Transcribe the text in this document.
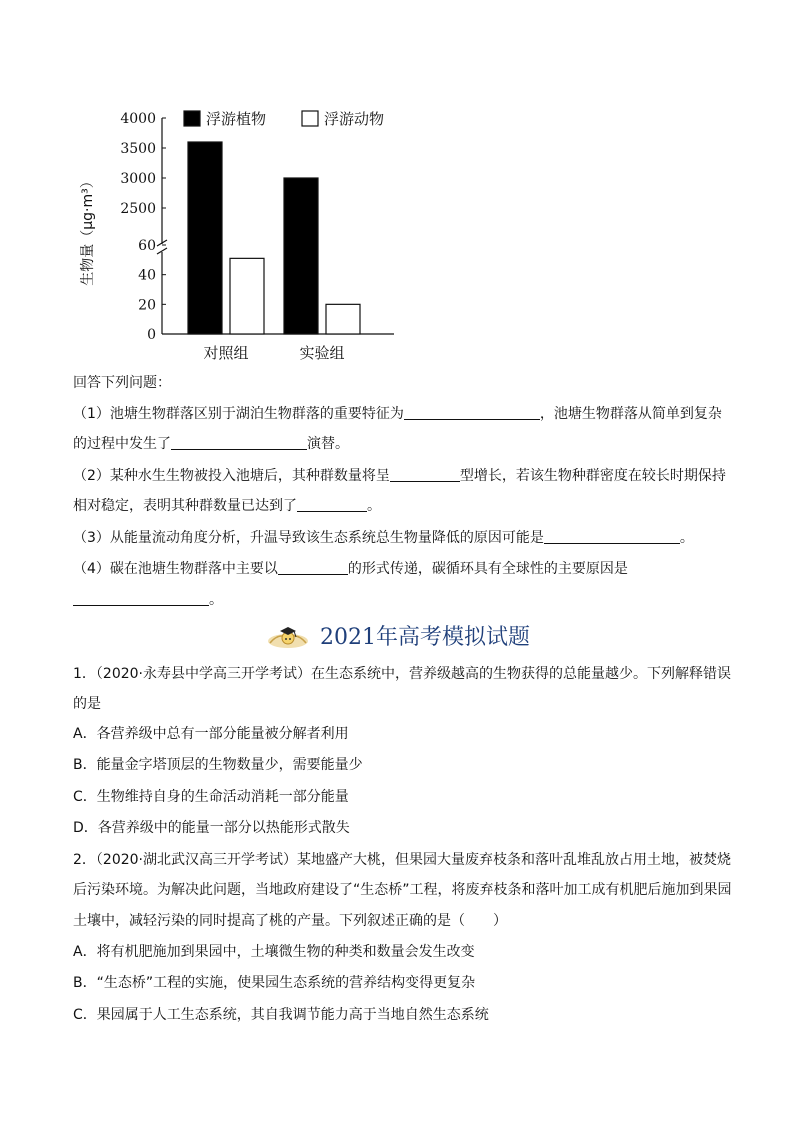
0
20
40
60
2500
3000
3500
4000
对照组	实验组
浮游植物	浮游动物
生物量（μg·m³）
回答下列问题：
（1）池塘生物群落区别于湖泊生物群落的重要特征为	，池塘生物群落从简单到复杂
的过程中发生了	演替。
（2）某种水生生物被投入池塘后，其种群数量将呈	型增长，若该生物种群密度在较长时期保持
相对稳定，表明其种群数量已达到了	。
（3）从能量流动角度分析，升温导致该生态系统总生物量降低的原因可能是	。
（4）碳在池塘生物群落中主要以	的形式传递，碳循环具有全球性的主要原因是
。
2021年高考模拟试题
1．（2020·永寿县中学高三开学考试）在生态系统中，营养级越高的生物获得的总能量越少。下列解释错误
的是
A．各营养级中总有一部分能量被分解者利用
B．能量金字塔顶层的生物数量少，需要能量少
C．生物维持自身的生命活动消耗一部分能量
D．各营养级中的能量一部分以热能形式散失
2．（2020·湖北武汉高三开学考试）某地盛产大桃，但果园大量废弃枝条和落叶乱堆乱放占用土地，被焚烧
后污染环境。为解决此问题，当地政府建设了“生态桥”工程，将废弃枝条和落叶加工成有机肥后施加到果园
土壤中，减轻污染的同时提高了桃的产量。下列叙述正确的是（　　）
A．将有机肥施加到果园中，土壤微生物的种类和数量会发生改变
B．“生态桥”工程的实施，使果园生态系统的营养结构变得更复杂
C．果园属于人工生态系统，其自我调节能力高于当地自然生态系统
